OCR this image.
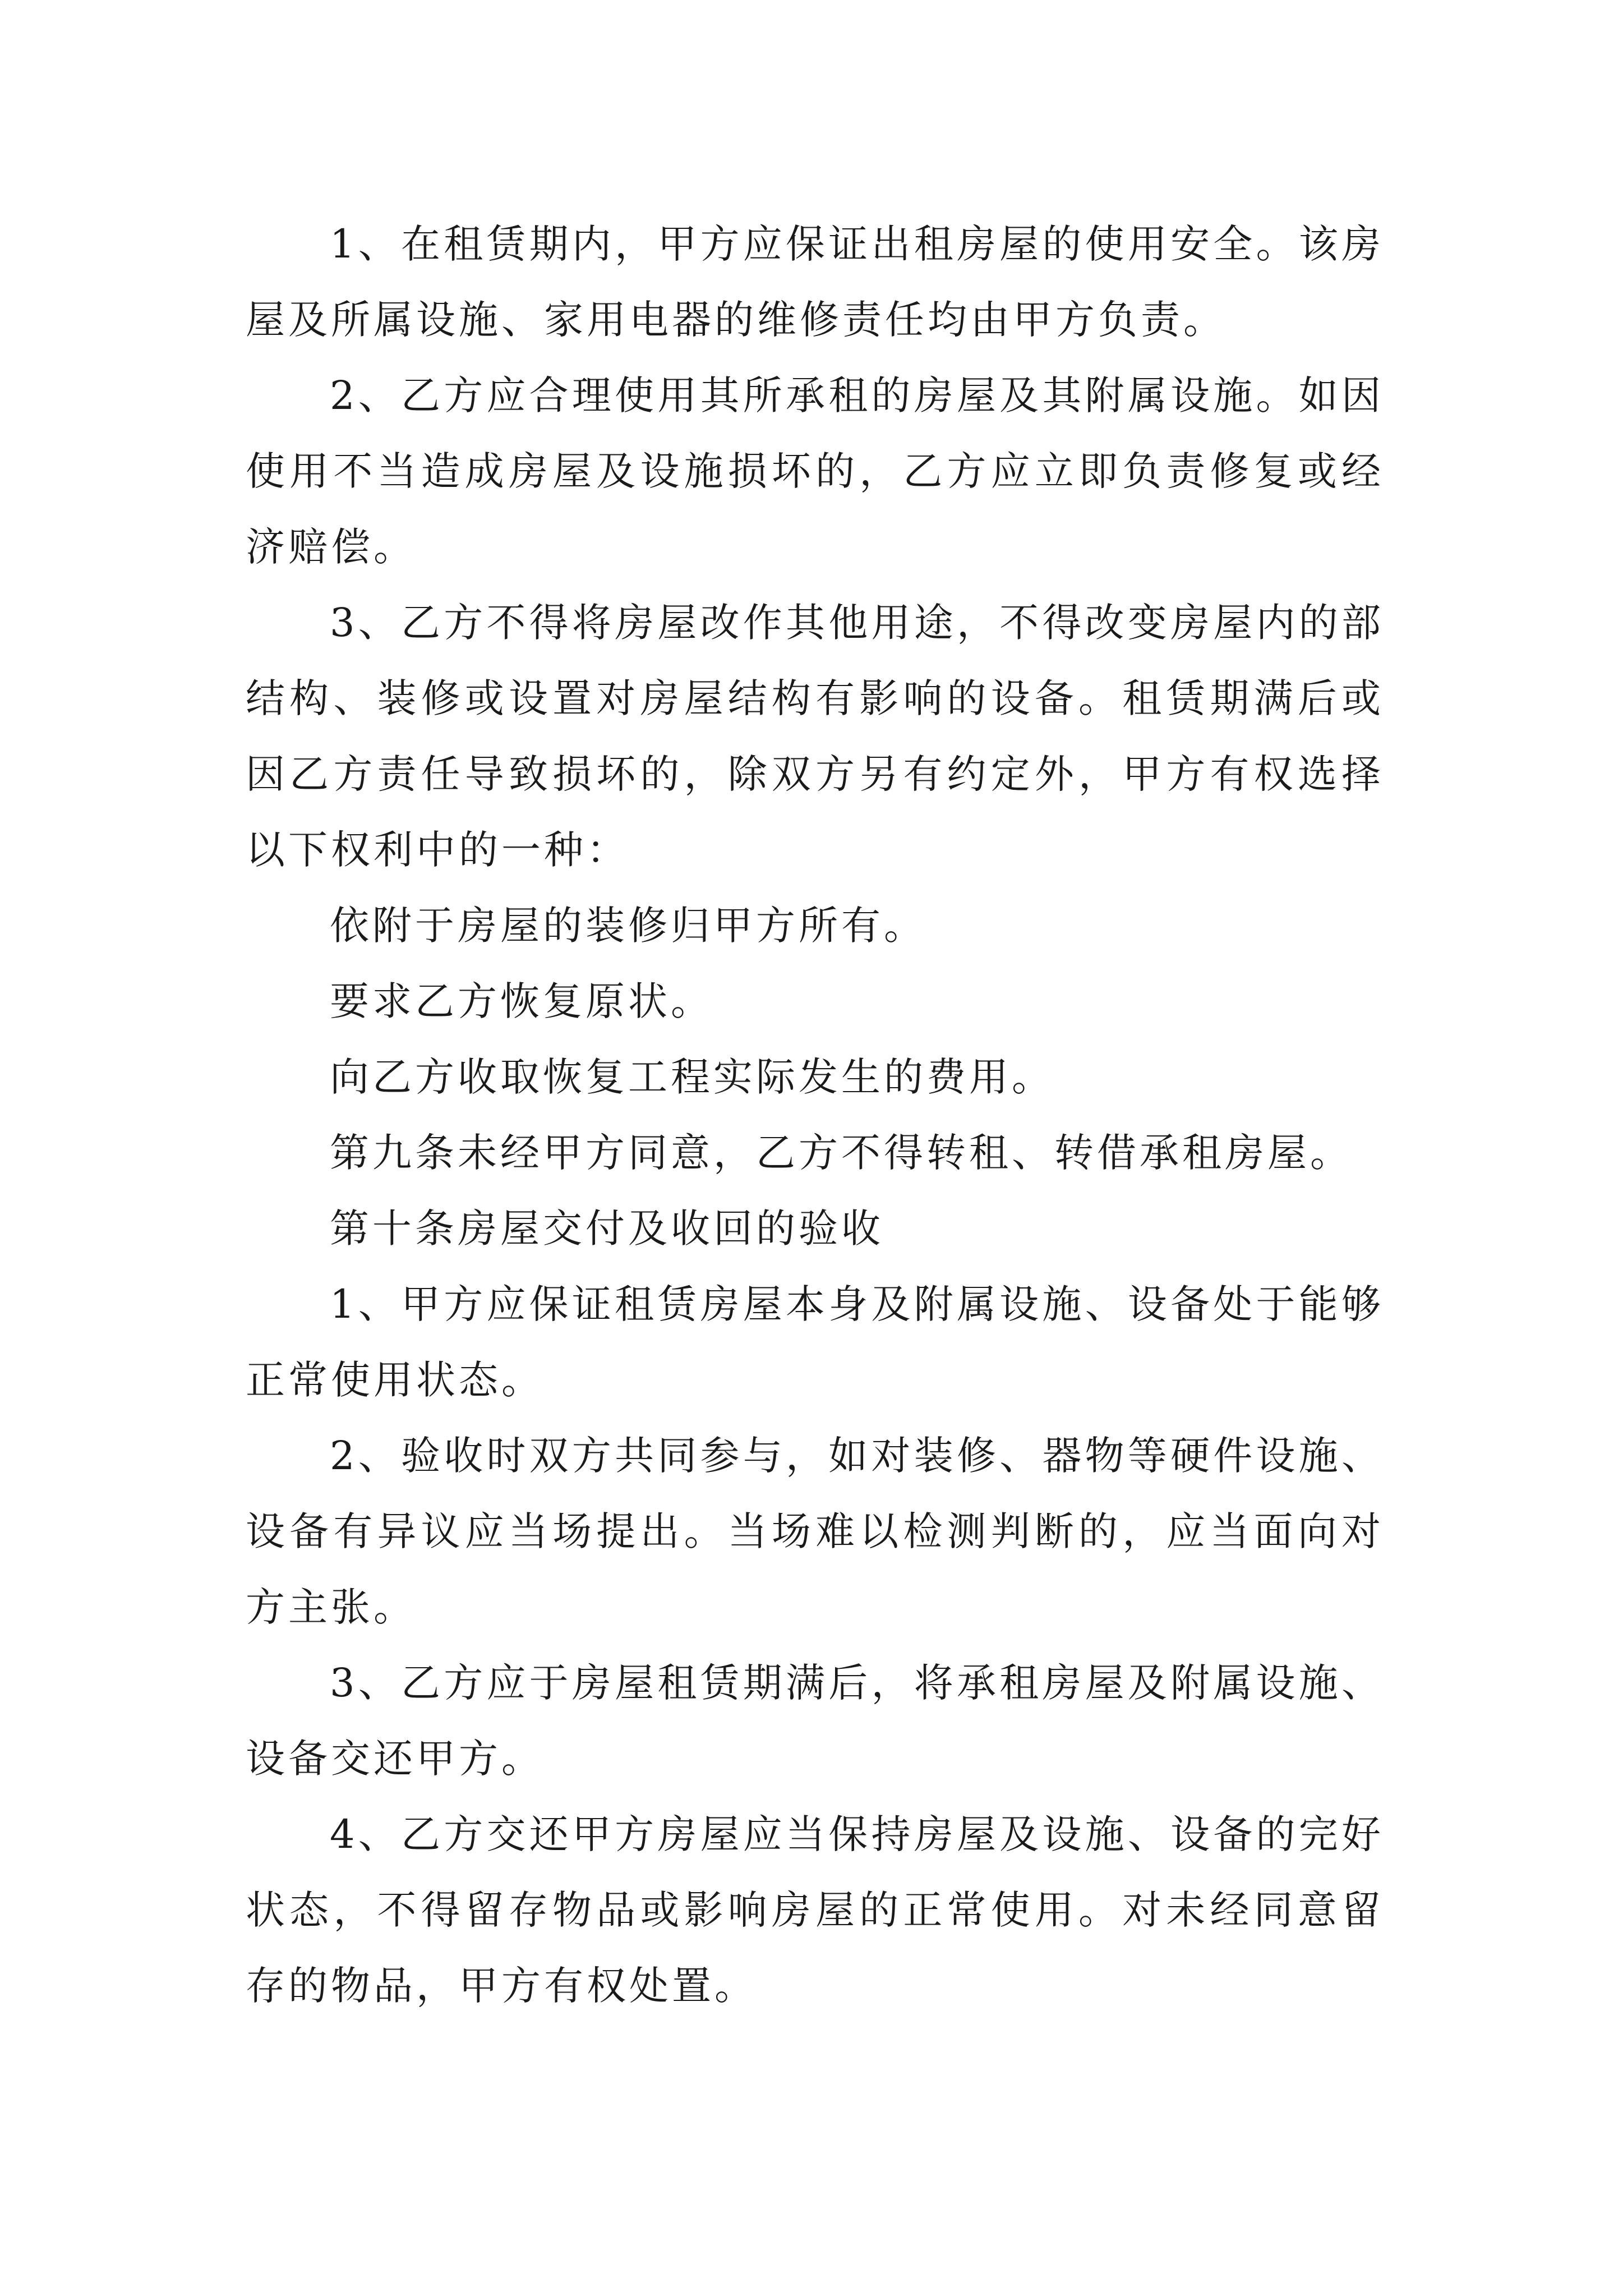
1、在租赁期内，甲方应保证出租房屋的使用安全。该房屋及所属设施、家用电器的维修责任均由甲方负责。

2、乙方应合理使用其所承租的房屋及其附属设施。如因使用不当造成房屋及设施损坏的，乙方应立即负责修复或经济赔偿。

3、乙方不得将房屋改作其他用途，不得改变房屋内的部结构、装修或设置对房屋结构有影响的设备。租赁期满后或因乙方责任导致损坏的，除双方另有约定外，甲方有权选择以下权利中的一种：

依附于房屋的装修归甲方所有。

要求乙方恢复原状。

向乙方收取恢复工程实际发生的费用。

第九条未经甲方同意，乙方不得转租、转借承租房屋。

第十条房屋交付及收回的验收

1、甲方应保证租赁房屋本身及附属设施、设备处于能够正常使用状态。

2、验收时双方共同参与，如对装修、器物等硬件设施、设备有异议应当场提出。当场难以检测判断的，应当面向对方主张。

3、乙方应于房屋租赁期满后，将承租房屋及附属设施、设备交还甲方。

4、乙方交还甲方房屋应当保持房屋及设施、设备的完好状态，不得留存物品或影响房屋的正常使用。对未经同意留存的物品，甲方有权处置。
